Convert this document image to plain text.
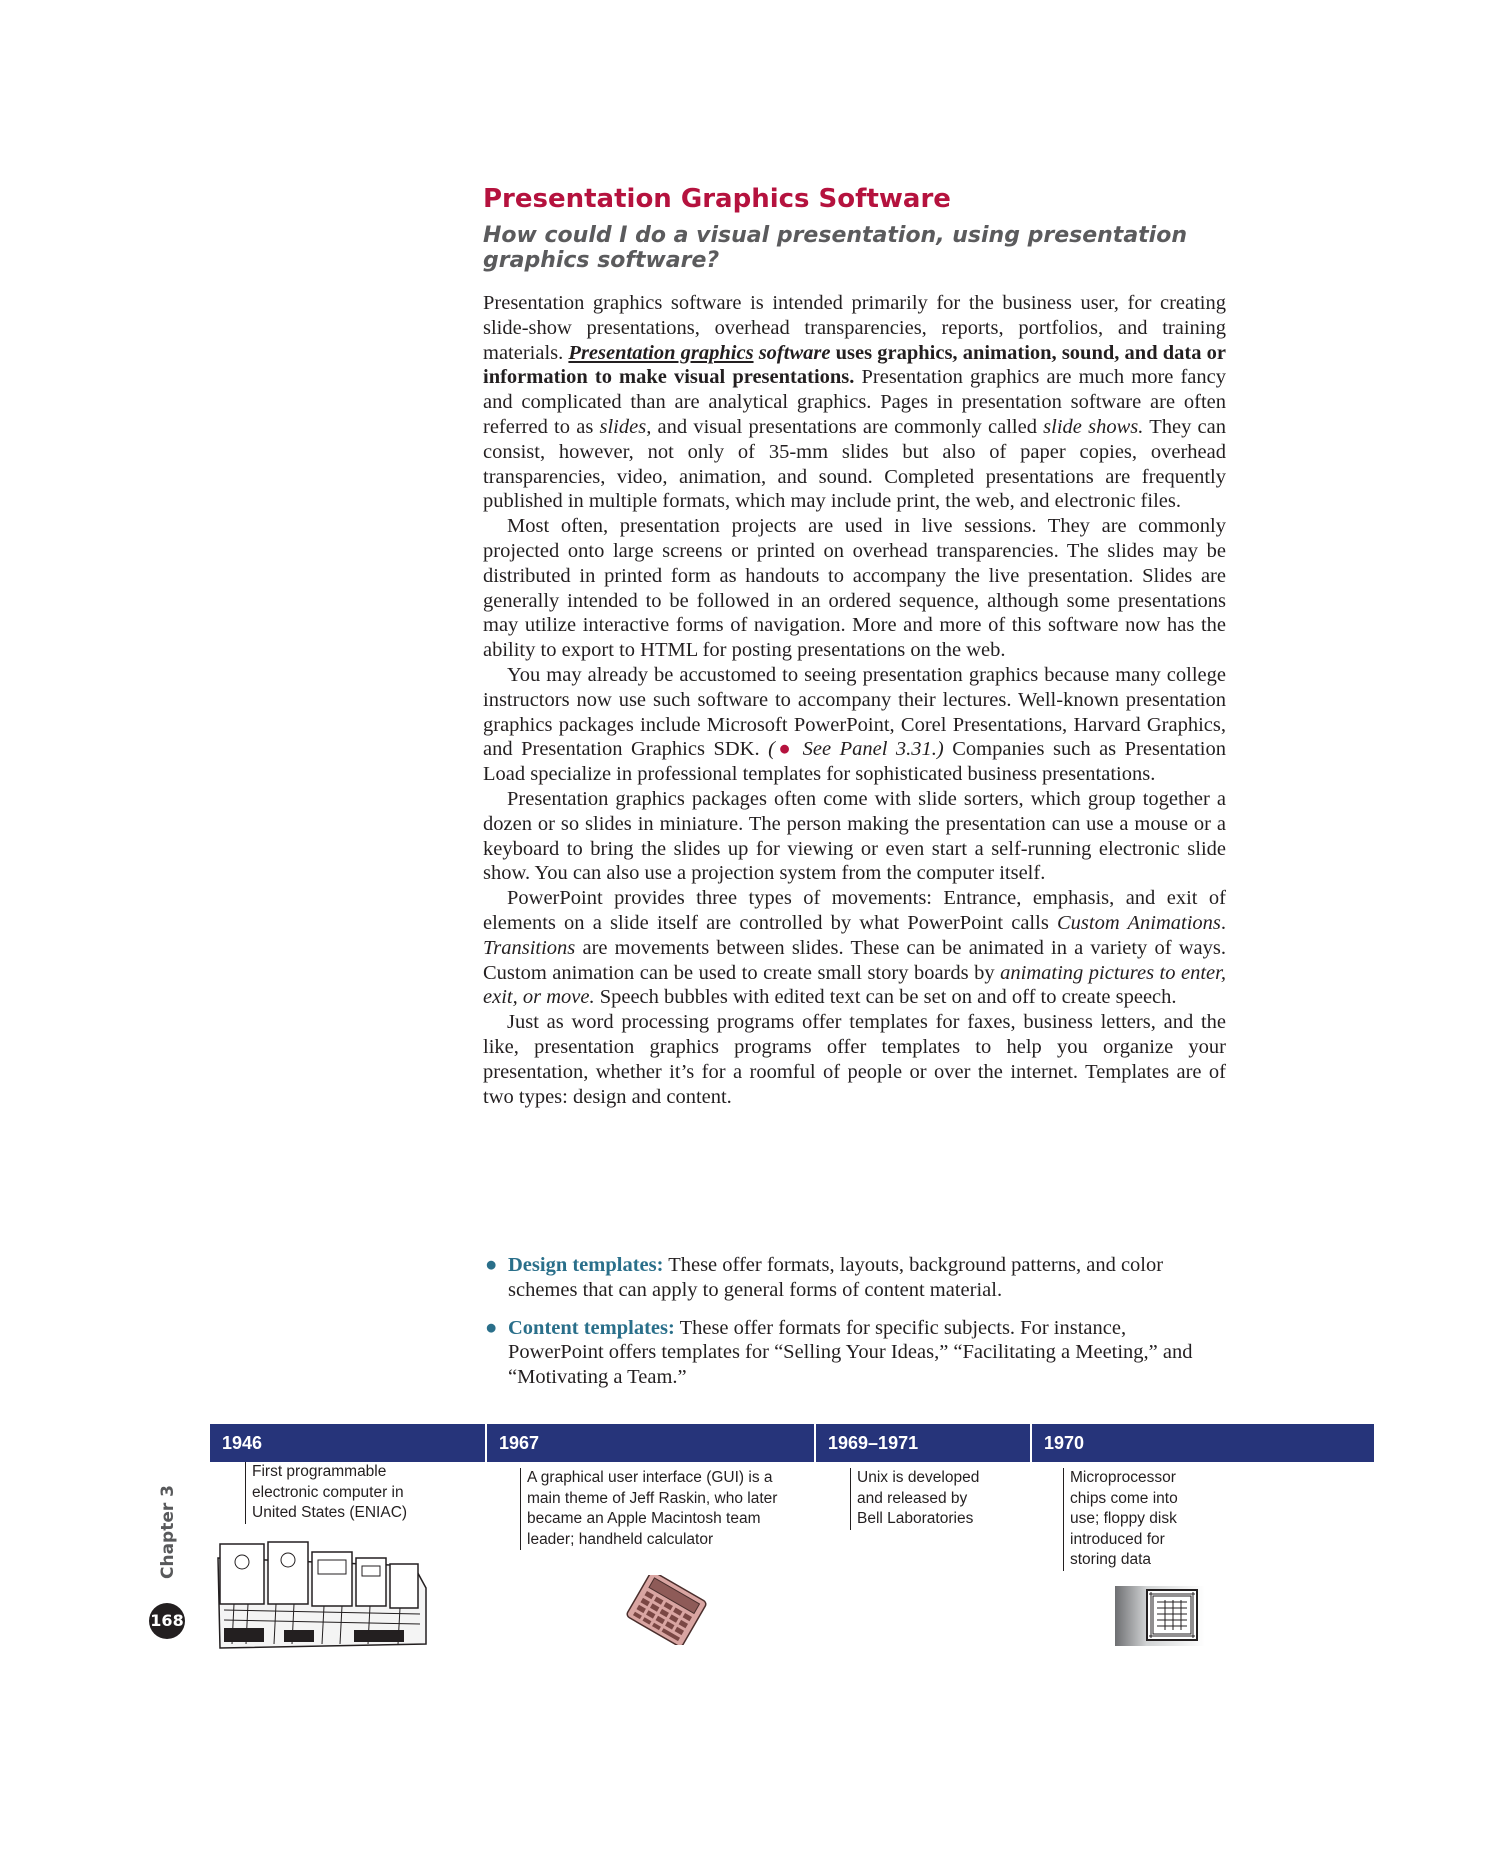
Presentation Graphics Software
How could I do a visual presentation, using presentation graphics software?

Presentation graphics software is intended primarily for the business user, for creating slide-show presentations, overhead transparencies, reports, portfolios, and training materials. Presentation graphics software uses graphics, animation, sound, and data or information to make visual presentations. Presentation graphics are much more fancy and complicated than are analytical graphics. Pages in presentation software are often referred to as slides, and visual presentations are commonly called slide shows. They can consist, however, not only of 35-mm slides but also of paper copies, overhead transparencies, video, animation, and sound. Completed presentations are frequently published in multiple formats, which may include print, the web, and electronic files.

Most often, presentation projects are used in live sessions. They are commonly projected onto large screens or printed on overhead transparencies. The slides may be distributed in printed form as handouts to accompany the live presentation. Slides are generally intended to be followed in an ordered sequence, although some presentations may utilize interactive forms of navigation. More and more of this software now has the ability to export to HTML for posting presentations on the web.

You may already be accustomed to seeing presentation graphics because many college instructors now use such software to accompany their lectures. Well-known presentation graphics packages include Microsoft PowerPoint, Corel Presentations, Harvard Graphics, and Presentation Graphics SDK. (● See Panel 3.31.) Companies such as Presentation Load specialize in professional templates for sophisticated business presentations.

Presentation graphics packages often come with slide sorters, which group together a dozen or so slides in miniature. The person making the presentation can use a mouse or a keyboard to bring the slides up for viewing or even start a self-running electronic slide show. You can also use a projection system from the computer itself.

PowerPoint provides three types of movements: Entrance, emphasis, and exit of elements on a slide itself are controlled by what PowerPoint calls Custom Animations. Transitions are movements between slides. These can be animated in a variety of ways. Custom animation can be used to create small story boards by animating pictures to enter, exit, or move. Speech bubbles with edited text can be set on and off to create speech.

Just as word processing programs offer templates for faxes, business letters, and the like, presentation graphics programs offer templates to help you organize your presentation, whether it’s for a roomful of people or over the internet. Templates are of two types: design and content.

● Design templates: These offer formats, layouts, background patterns, and color schemes that can apply to general forms of content material.
● Content templates: These offer formats for specific subjects. For instance, PowerPoint offers templates for “Selling Your Ideas,” “Facilitating a Meeting,” and “Motivating a Team.”
1946	1967	1969–1971	1970
First programmable electronic computer in United States (ENIAC)
A graphical user interface (GUI) is a main theme of Jeff Raskin, who later became an Apple Macintosh team leader; handheld calculator
Unix is developed and released by Bell Laboratories
Microprocessor chips come into use; floppy disk introduced for storing data
Chapter 3
168
